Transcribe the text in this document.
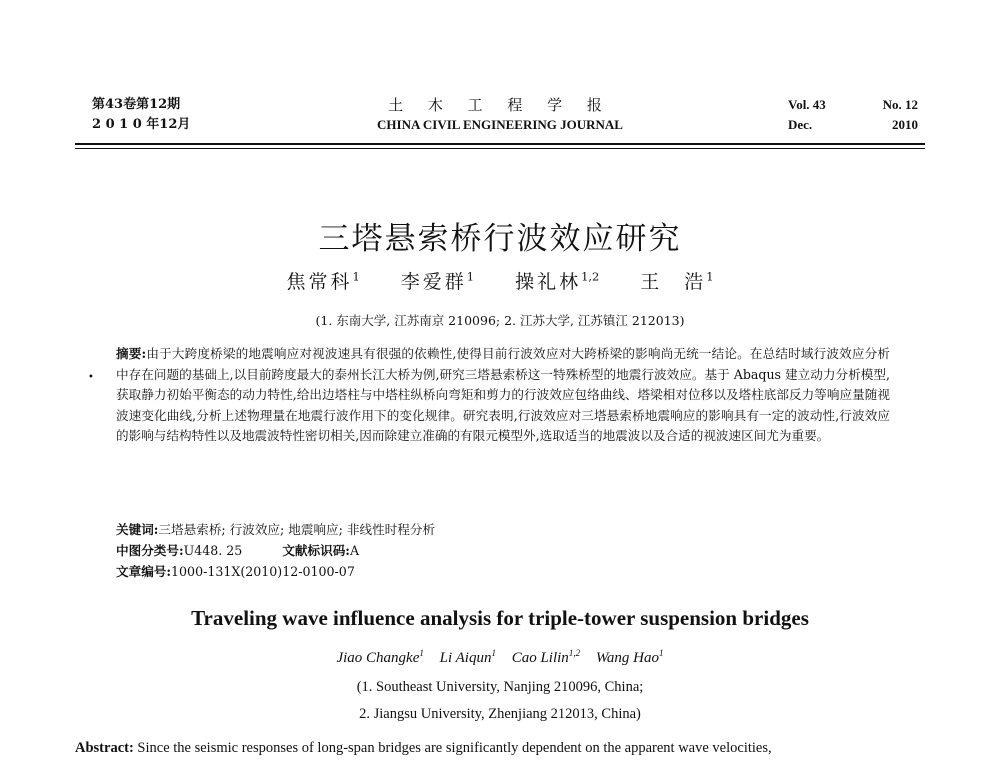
第43卷第12期
2 0 1 0 年12月
土 木 工 程 学 报
CHINA CIVIL ENGINEERING JOURNAL
Vol. 43	No. 12
Dec.	2010
三塔悬索桥行波效应研究
焦常科$^1$ 李爱群$^1$ 操礼林$^{1,2}$ 王　浩$^1$
(1. 东南大学, 江苏南京 210096; 2. 江苏大学, 江苏镇江 212013)
•
摘要:由于大跨度桥梁的地震响应对视波速具有很强的依赖性,使得目前行波效应对大跨桥梁的影响尚无统一结论。在总结时域行波效应分析中存在问题的基础上,以目前跨度最大的泰州长江大桥为例,研究三塔悬索桥这一特殊桥型的地震行波效应。基于 Abaqus 建立动力分析模型,获取静力初始平衡态的动力特性,给出边塔柱与中塔柱纵桥向弯矩和剪力的行波效应包络曲线、塔梁相对位移以及塔柱底部反力等响应量随视波速变化曲线,分析上述物理量在地震行波作用下的变化规律。研究表明,行波效应对三塔悬索桥地震响应的影响具有一定的波动性,行波效应的影响与结构特性以及地震波特性密切相关,因而除建立准确的有限元模型外,选取适当的地震波以及合适的视波速区间尤为重要。
关键词:三塔悬索桥; 行波效应; 地震响应; 非线性时程分析
中图分类号:U448. 25	文献标识码:A
文章编号:1000-131X(2010)12-0100-07
Traveling wave influence analysis for triple-tower suspension bridges
Jiao Changke$^1$ Li Aiqun$^1$ Cao Lilin$^{1,2}$ Wang Hao$^1$
(1. Southeast University, Nanjing 210096, China;
2. Jiangsu University, Zhenjiang 212013, China)
Abstract: Since the seismic responses of long-span bridges are significantly dependent on the apparent wave velocities,
